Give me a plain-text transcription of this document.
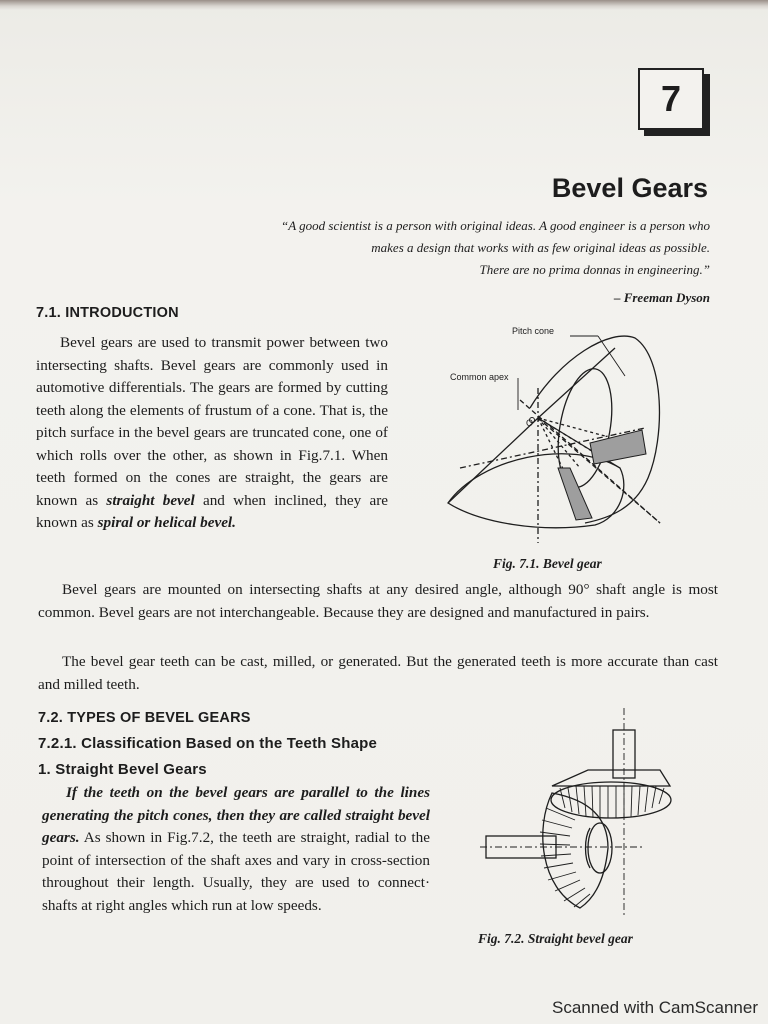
7
Bevel Gears
“A good scientist is a person with original ideas. A good engineer is a person who
makes a design that works with as few original ideas as possible.
There are no prima donnas in engineering.”
– Freeman Dyson
7.1. INTRODUCTION
Bevel gears are used to transmit power between two intersecting shafts. Bevel gears are commonly used in automotive differentials. The gears are formed by cutting teeth along the elements of frustum of a cone. That is, the pitch surface in the bevel gears are truncated cone, one of which rolls over the other, as shown in Fig.7.1. When teeth formed on the cones are straight, the gears are known as straight bevel and when inclined, they are known as spiral or helical bevel.
Pitch cone
Common apex
O
Fig. 7.1. Bevel gear
Bevel gears are mounted on intersecting shafts at any desired angle, although 90° shaft angle is most common. Bevel gears are not interchangeable. Because they are designed and manufactured in pairs.
The bevel gear teeth can be cast, milled, or generated. But the generated teeth is more accurate than cast and milled teeth.
7.2. TYPES OF BEVEL GEARS
7.2.1. Classification Based on the Teeth Shape
1. Straight Bevel Gears
If the teeth on the bevel gears are parallel to the lines generating the pitch cones, then they are called straight bevel gears. As shown in Fig.7.2, the teeth are straight, radial to the point of intersection of the shaft axes and vary in cross-section throughout their length. Usually, they are used to connect· shafts at right angles which run at low speeds.
Fig. 7.2. Straight bevel gear
Scanned with CamScanner
